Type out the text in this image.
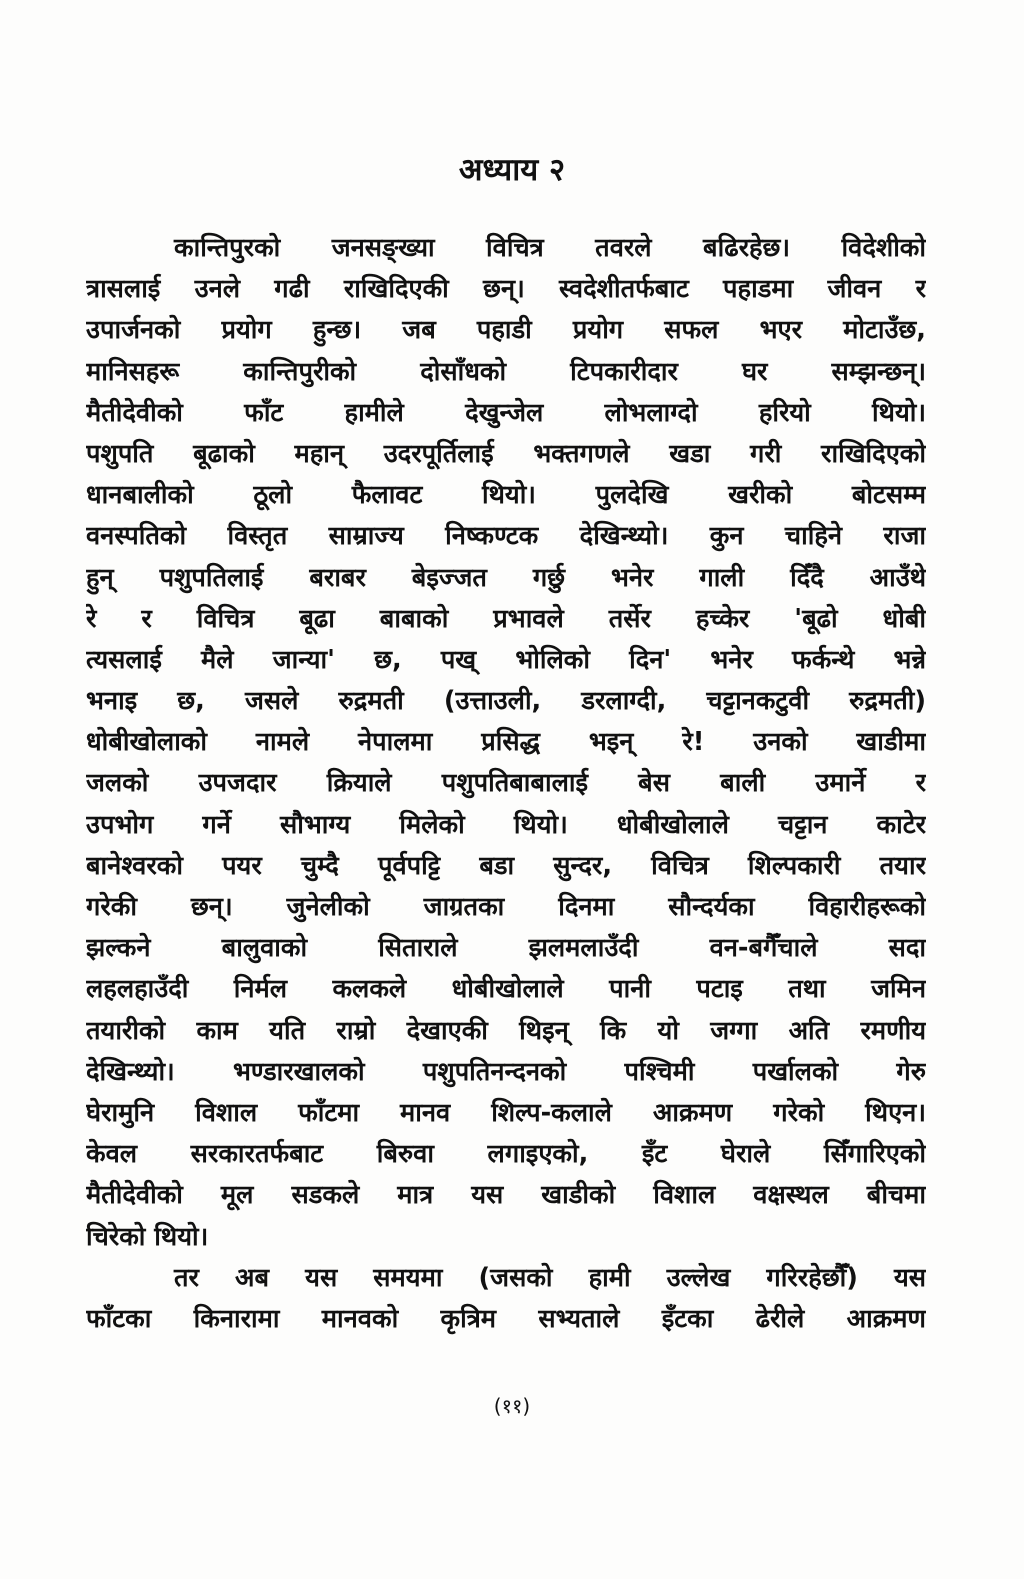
अध्याय २
कान्तिपुरको जनसङ्ख्या विचित्र तवरले बढिरहेछ। विदेशीको
त्रासलाई उनले गढी राखिदिएकी छन्। स्वदेशीतर्फबाट पहाडमा जीवन र
उपार्जनको प्रयोग हुन्छ। जब पहाडी प्रयोग सफल भएर मोटाउँछ,
मानिसहरू कान्तिपुरीको दोसाँधको टिपकारीदार घर सम्झन्छन्।
मैतीदेवीको फाँट हामीले देखुन्जेल लोभलाग्दो हरियो थियो।
पशुपति बूढाको महान् उदरपूर्तिलाई भक्तगणले खडा गरी राखिदिएको
धानबालीको ठूलो फैलावट थियो। पुलदेखि खरीको बोटसम्म
वनस्पतिको विस्तृत साम्राज्य निष्कण्टक देखिन्थ्यो। कुन चाहिने राजा
हुन् पशुपतिलाई बराबर बेइज्जत गर्छु भनेर गाली दिँदै आउँथे
रे र विचित्र बूढा बाबाको प्रभावले तर्सेर हच्केर 'बूढो धोबी
त्यसलाई मैले जान्या' छ, पख् भोलिको दिन' भनेर फर्कन्थे भन्ने
भनाइ छ, जसले रुद्रमती (उत्ताउली, डरलाग्दी, चट्टानकटुवी रुद्रमती)
धोबीखोलाको नामले नेपालमा प्रसिद्ध भइन् रे! उनको खाडीमा
जलको उपजदार क्रियाले पशुपतिबाबालाई बेस बाली उमार्ने र
उपभोग गर्ने सौभाग्य मिलेको थियो। धोबीखोलाले चट्टान काटेर
बानेश्वरको पयर चुम्दै पूर्वपट्टि बडा सुन्दर, विचित्र शिल्पकारी तयार
गरेकी छन्। जुनेलीको जाग्रतका दिनमा सौन्दर्यका विहारीहरूको
झल्कने बालुवाको सिताराले झलमलाउँदी वन-बगैँचाले सदा
लहलहाउँदी निर्मल कलकले धोबीखोलाले पानी पटाइ तथा जमिन
तयारीको काम यति राम्रो देखाएकी थिइन् कि यो जग्गा अति रमणीय
देखिन्थ्यो। भण्डारखालको पशुपतिनन्दनको पश्चिमी पर्खालको गेरु
घेरामुनि विशाल फाँटमा मानव शिल्प-कलाले आक्रमण गरेको थिएन।
केवल सरकारतर्फबाट बिरुवा लगाइएको, इँट घेराले सिँगारिएको
मैतीदेवीको मूल सडकले मात्र यस खाडीको विशाल वक्षस्थल बीचमा
चिरेको थियो।
तर अब यस समयमा (जसको हामी उल्लेख गरिरहेछौँ) यस
फाँटका किनारामा मानवको कृत्रिम सभ्यताले इँटका ढेरीले आक्रमण
(११)
